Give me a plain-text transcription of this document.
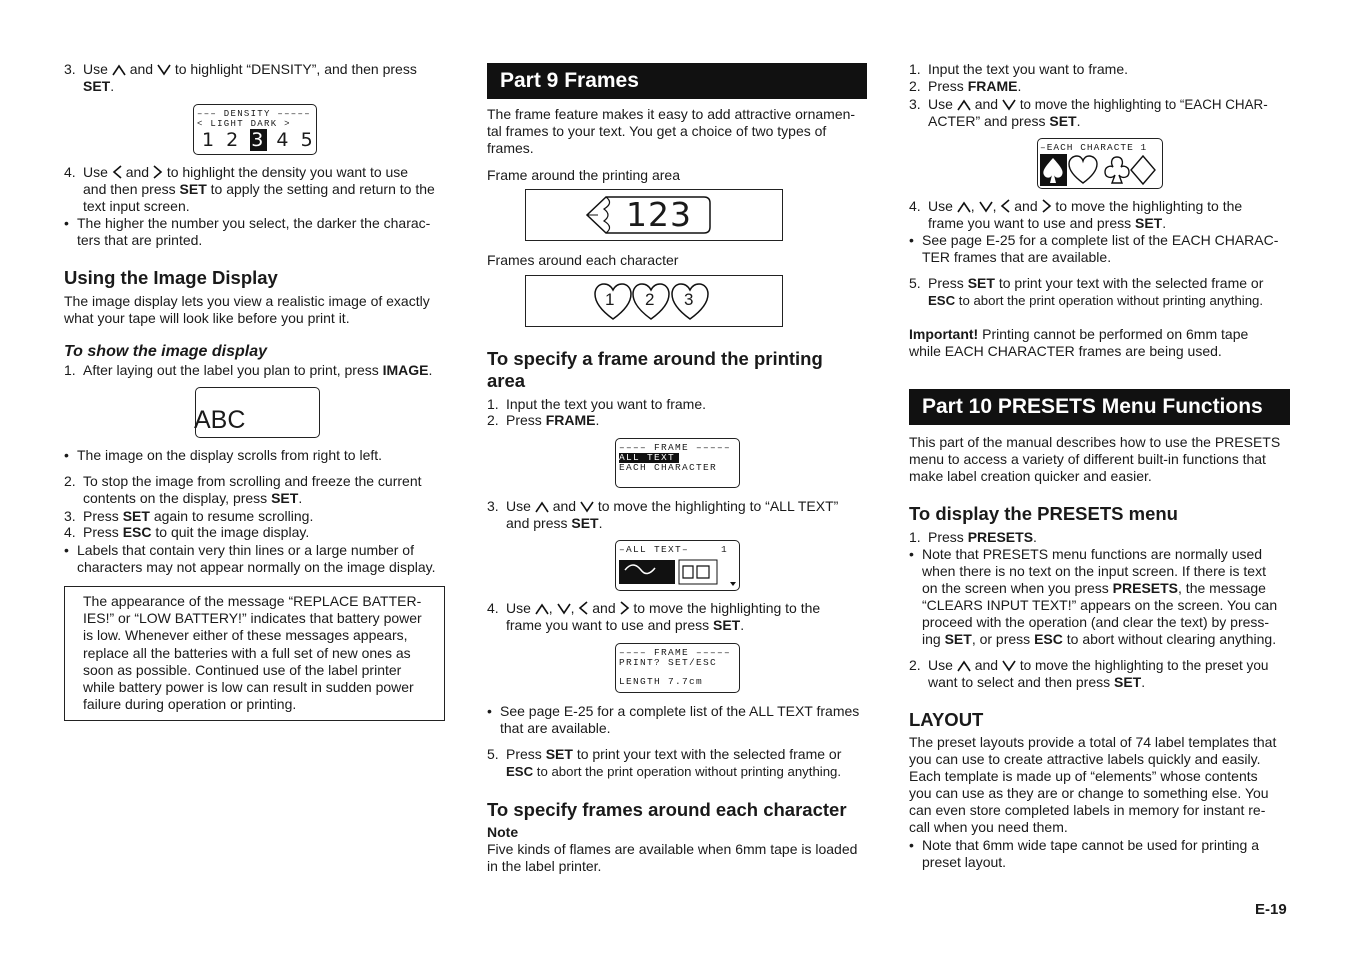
3. Use and to highlight “DENSITY”, and then press
SET.
––– DENSITY –––––
< LIGHT DARK >
1 2 3 4 5
4. Use and to highlight the density you want to use
and then press SET to apply the setting and return to the
text input screen.
• The higher the number you select, the darker the charac-
ters that are printed.
Using the Image Display
The image display lets you view a realistic image of exactly
what your tape will look like before you print it.
To show the image display
1. After laying out the label you plan to print, press IMAGE.
ABC
• The image on the display scrolls from right to left.
2. To stop the image from scrolling and freeze the current
contents on the display, press SET.
3. Press SET again to resume scrolling.
4. Press ESC to quit the image display.
• Labels that contain very thin lines or a large number of
characters may not appear normally on the image display.
The appearance of the message “REPLACE BATTER-
IES!” or “LOW BATTERY!” indicates that battery power
is low. Whenever either of these messages appears,
replace all the batteries with a full set of new ones as
soon as possible. Continued use of the label printer
while battery power is low can result in sudden power
failure during operation or printing.
Part 9 Frames
The frame feature makes it easy to add attractive ornamen-
tal frames to your text. You get a choice of two types of
frames.
Frame around the printing area
123
Frames around each character
1 2 3
To specify a frame around the printing
area
1. Input the text you want to frame.
2. Press FRAME.
–––– FRAME –––––
ALL TEXT
EACH CHARACTER
3. Use and to move the highlighting to “ALL TEXT”
and press SET.
–ALL TEXT–	1
4. Use , , and to move the highlighting to the
frame you want to use and press SET.
–––– FRAME –––––
PRINT? SET/ESC
LENGTH 7.7cm
• See page E-25 for a complete list of the ALL TEXT frames
that are available.
5. Press SET to print your text with the selected frame or
ESC to abort the print operation without printing anything.
To specify frames around each character
Note
Five kinds of flames are available when 6mm tape is loaded
in the label printer.
1. Input the text you want to frame.
2. Press FRAME.
3. Use and to move the highlighting to “EACH CHAR-
ACTER” and press SET.
–EACH CHARACTE 1
4. Use , , and to move the highlighting to the
frame you want to use and press SET.
• See page E-25 for a complete list of the EACH CHARAC-
TER frames that are available.
5. Press SET to print your text with the selected frame or
ESC to abort the print operation without printing anything.
Important! Printing cannot be performed on 6mm tape
while EACH CHARACTER frames are being used.
Part 10 PRESETS Menu Functions
This part of the manual describes how to use the PRESETS
menu to access a variety of different built-in functions that
make label creation quicker and easier.
To display the PRESETS menu
1. Press PRESETS.
• Note that PRESETS menu functions are normally used
when there is no text on the input screen. If there is text
on the screen when you press PRESETS, the message
“CLEARS INPUT TEXT!” appears on the screen. You can
proceed with the operation (and clear the text) by press-
ing SET, or press ESC to abort without clearing anything.
2. Use and to move the highlighting to the preset you
want to select and then press SET.
LAYOUT
The preset layouts provide a total of 74 label templates that
you can use to create attractive labels quickly and easily.
Each template is made up of “elements” whose contents
you can use as they are or change to something else. You
can even store completed labels in memory for instant re-
call when you need them.
• Note that 6mm wide tape cannot be used for printing a
preset layout.
E-19
